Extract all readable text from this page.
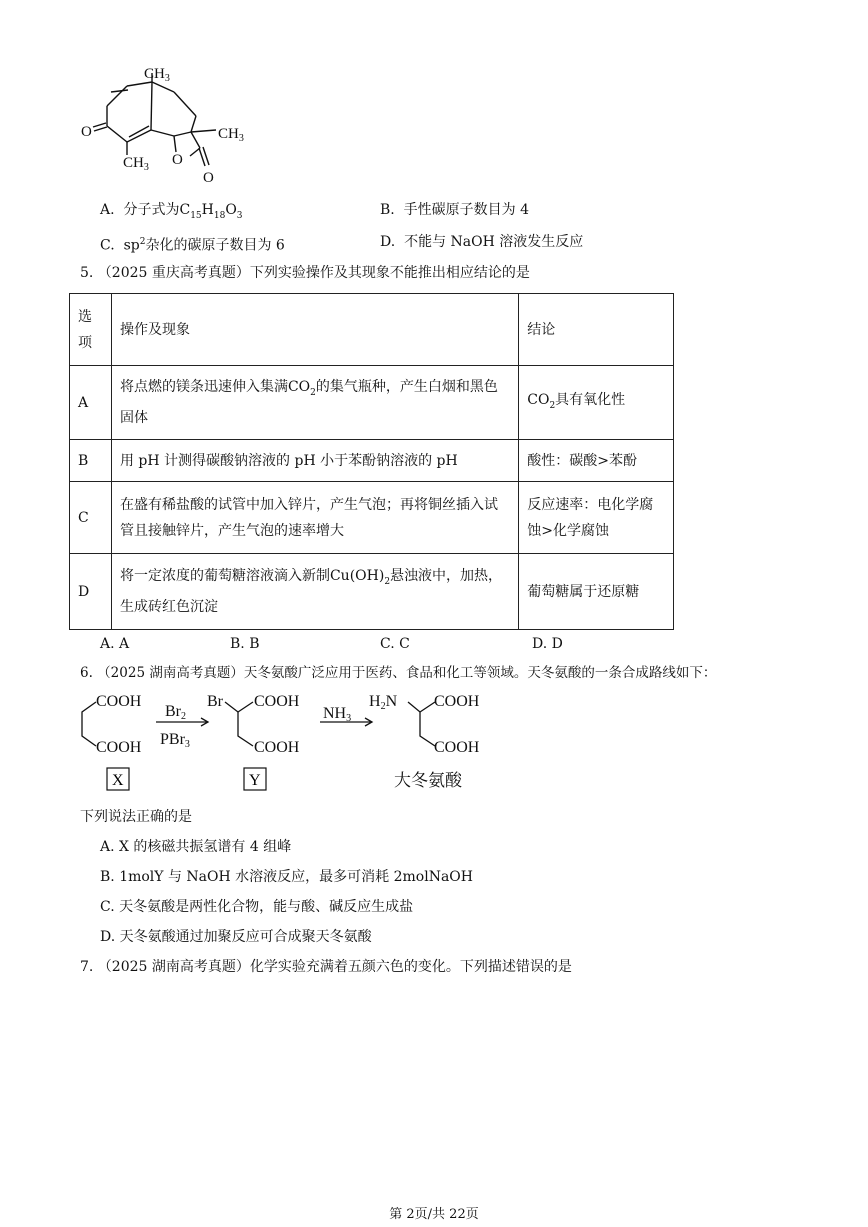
$CH_3$
$CH_3$
$CH_3$
O
O
O
A. 分子式为$C_{15}H_{18}O_3$	B. 手性碳原子数目为 4
C. $sp^2$杂化的碳原子数目为 6	D. 不能与 NaOH 溶液发生反应
5. （2025 重庆高考真题）下列实验操作及其现象不能推出相应结论的是
选
项	操作及现象	结论
A	将点燃的镁条迅速伸入集满$CO_2$的集气瓶种，产生白烟和黑色固体	$CO_2$具有氧化性
B	用 pH 计测得碳酸钠溶液的 pH 小于苯酚钠溶液的 pH	酸性：碳酸>苯酚
C	在盛有稀盐酸的试管中加入锌片，产生气泡；再将铜丝插入试管且接触锌片，产生气泡的速率增大	反应速率：电化学腐蚀>化学腐蚀
D	将一定浓度的葡萄糖溶液滴入新制$Cu(OH)_2$悬浊液中，加热，生成砖红色沉淀	葡萄糖属于还原糖
A. A	B. B	C. C	D. D
6. （2025 湖南高考真题）天冬氨酸广泛应用于医药、食品和化工等领域。天冬氨酸的一条合成路线如下：
COOH
COOH
Br2
PBr3
Br COOH
COOH
NH3
H2N COOH
COOH
大冬氨酸
X	Y
下列说法正确的是
A. X 的核磁共振氢谱有 4 组峰
B. 1molY 与 NaOH 水溶液反应，最多可消耗 2molNaOH
C. 天冬氨酸是两性化合物，能与酸、碱反应生成盐
D. 天冬氨酸通过加聚反应可合成聚天冬氨酸
7. （2025 湖南高考真题）化学实验充满着五颜六色的变化。下列描述错误的是
第 2页/共 22页
